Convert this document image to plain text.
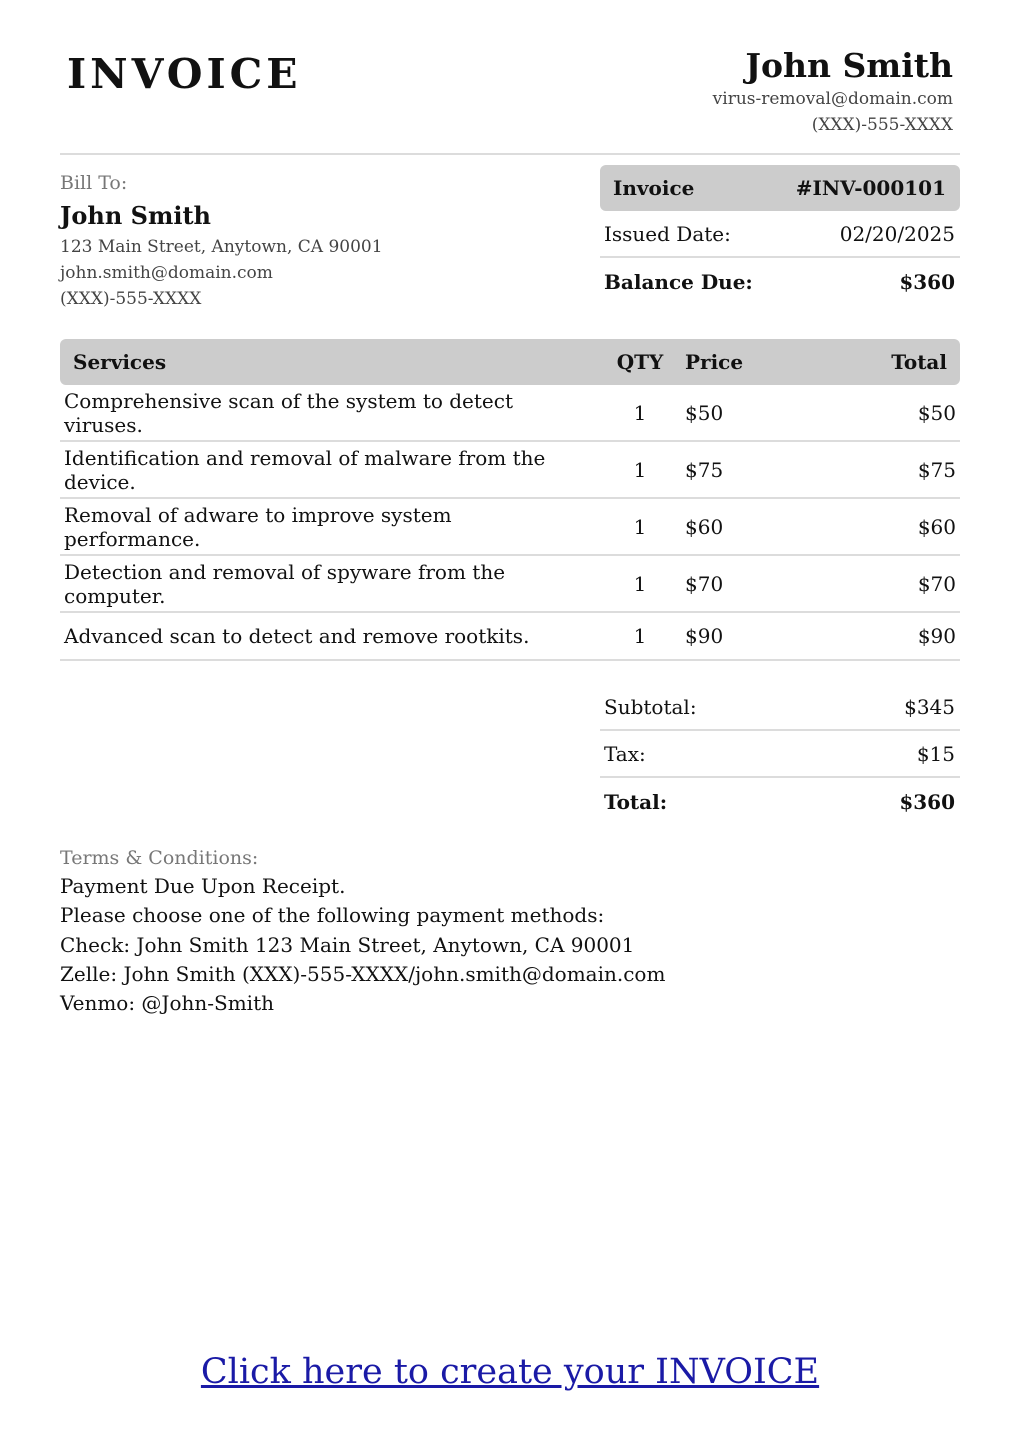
INVOICE	John Smith
virus-removal@domain.com
(XXX)-555-XXXX
Bill To:
John Smith
123 Main Street, Anytown, CA 90001
john.smith@domain.com
(XXX)-555-XXXX
Invoice	#INV-000101
Issued Date:	02/20/2025
Balance Due:	$360
Services	QTY	Price	Total
Comprehensive scan of the system to detect viruses.	1	$50	$50
Identification and removal of malware from the device.	1	$75	$75
Removal of adware to improve system performance.	1	$60	$60
Detection and removal of spyware from the computer.	1	$70	$70
Advanced scan to detect and remove rootkits.	1	$90	$90
Subtotal:	$345
Tax:	$15
Total:	$360
Terms & Conditions:
Payment Due Upon Receipt.
Please choose one of the following payment methods:
Check: John Smith 123 Main Street, Anytown, CA 90001
Zelle: John Smith (XXX)-555-XXXX/john.smith@domain.com
Venmo: @John-Smith
Click here to create your INVOICE
